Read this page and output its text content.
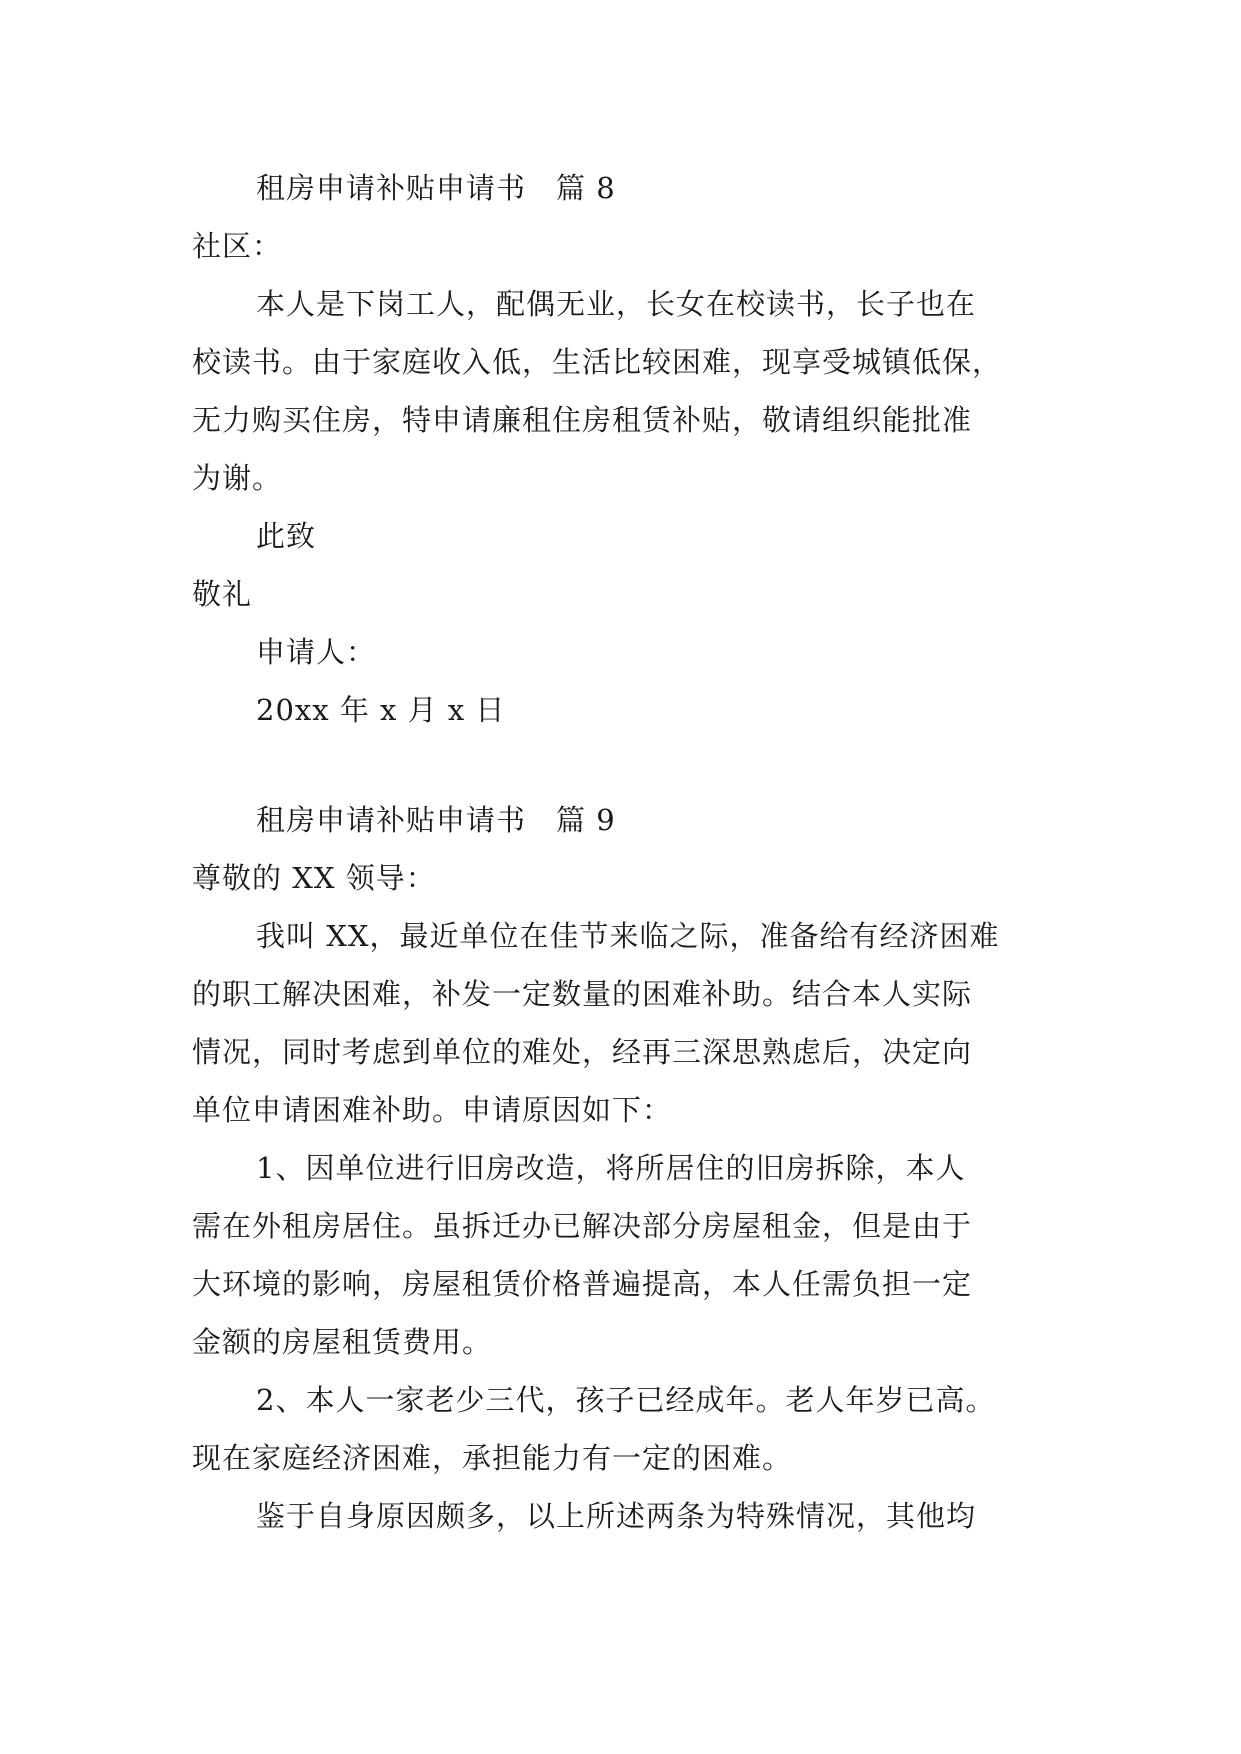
租房申请补贴申请书　篇 8
社区：
本人是下岗工人，配偶无业，长女在校读书，长子也在
校读书。由于家庭收入低，生活比较困难，现享受城镇低保，
无力购买住房，特申请廉租住房租赁补贴，敬请组织能批准
为谢。
此致
敬礼
申请人：
20xx 年 x 月 x 日
租房申请补贴申请书　篇 9
尊敬的 XX 领导：
我叫 XX，最近单位在佳节来临之际，准备给有经济困难
的职工解决困难，补发一定数量的困难补助。结合本人实际
情况，同时考虑到单位的难处，经再三深思熟虑后，决定向
单位申请困难补助。申请原因如下：
1、因单位进行旧房改造，将所居住的旧房拆除，本人
需在外租房居住。虽拆迁办已解决部分房屋租金，但是由于
大环境的影响，房屋租赁价格普遍提高，本人任需负担一定
金额的房屋租赁费用。
2、本人一家老少三代，孩子已经成年。老人年岁已高。
现在家庭经济困难，承担能力有一定的困难。
鉴于自身原因颇多，以上所述两条为特殊情况，其他均
